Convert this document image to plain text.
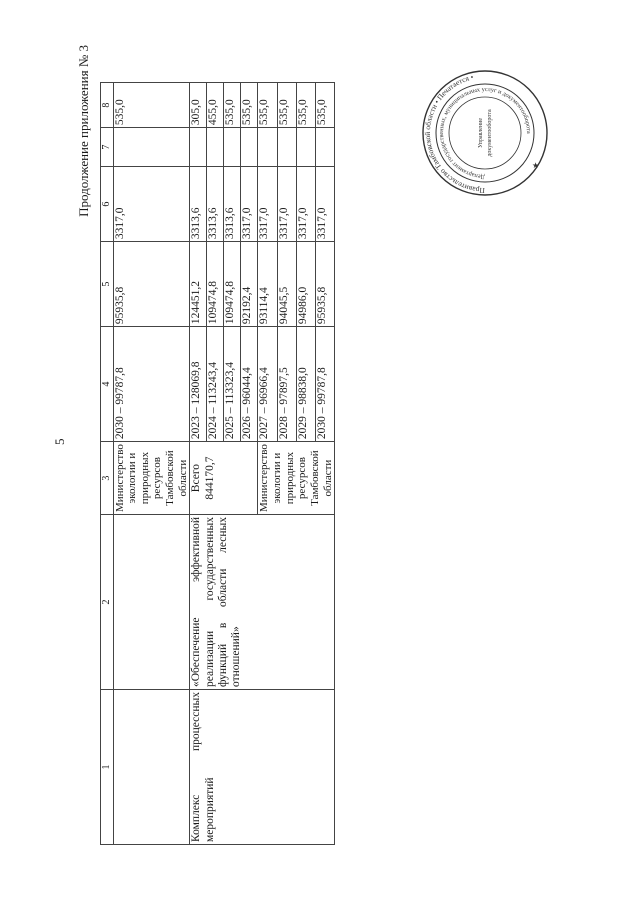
5
Продолжение приложения № 3
1	2	3	4	5	6	7	8
		Министерство экологии и природных ресурсов Тамбовской области	2030 – 99787,8	95935,8	3317,0		535,0
Комплекс процессных мероприятий	«Обеспечение эффективной реализации государственных функций в области лесных отношений»	Всего 844170,7	2023 – 128069,8	124451,2	3313,6		305,0
			2024 – 113243,4	109474,8	3313,6		455,0
			2025 – 113323,4	109474,8	3313,6		535,0
			2026 – 96044,4	92192,4	3317,0		535,0
		Министерство экологии и природных ресурсов Тамбовской области	2027 – 96966,4	93114,4	3317,0		535,0
			2028 – 97897,5	94045,5	3317,0		535,0
			2029 – 98838,0	94986,0	3317,0		535,0
			2030 – 99787,8	95935,8	3317,0		535,0
Правительство Тамбовской области • Печатается •
Департамент государственных, муниципальных услуг и документооборота
Управление документооборота
★
